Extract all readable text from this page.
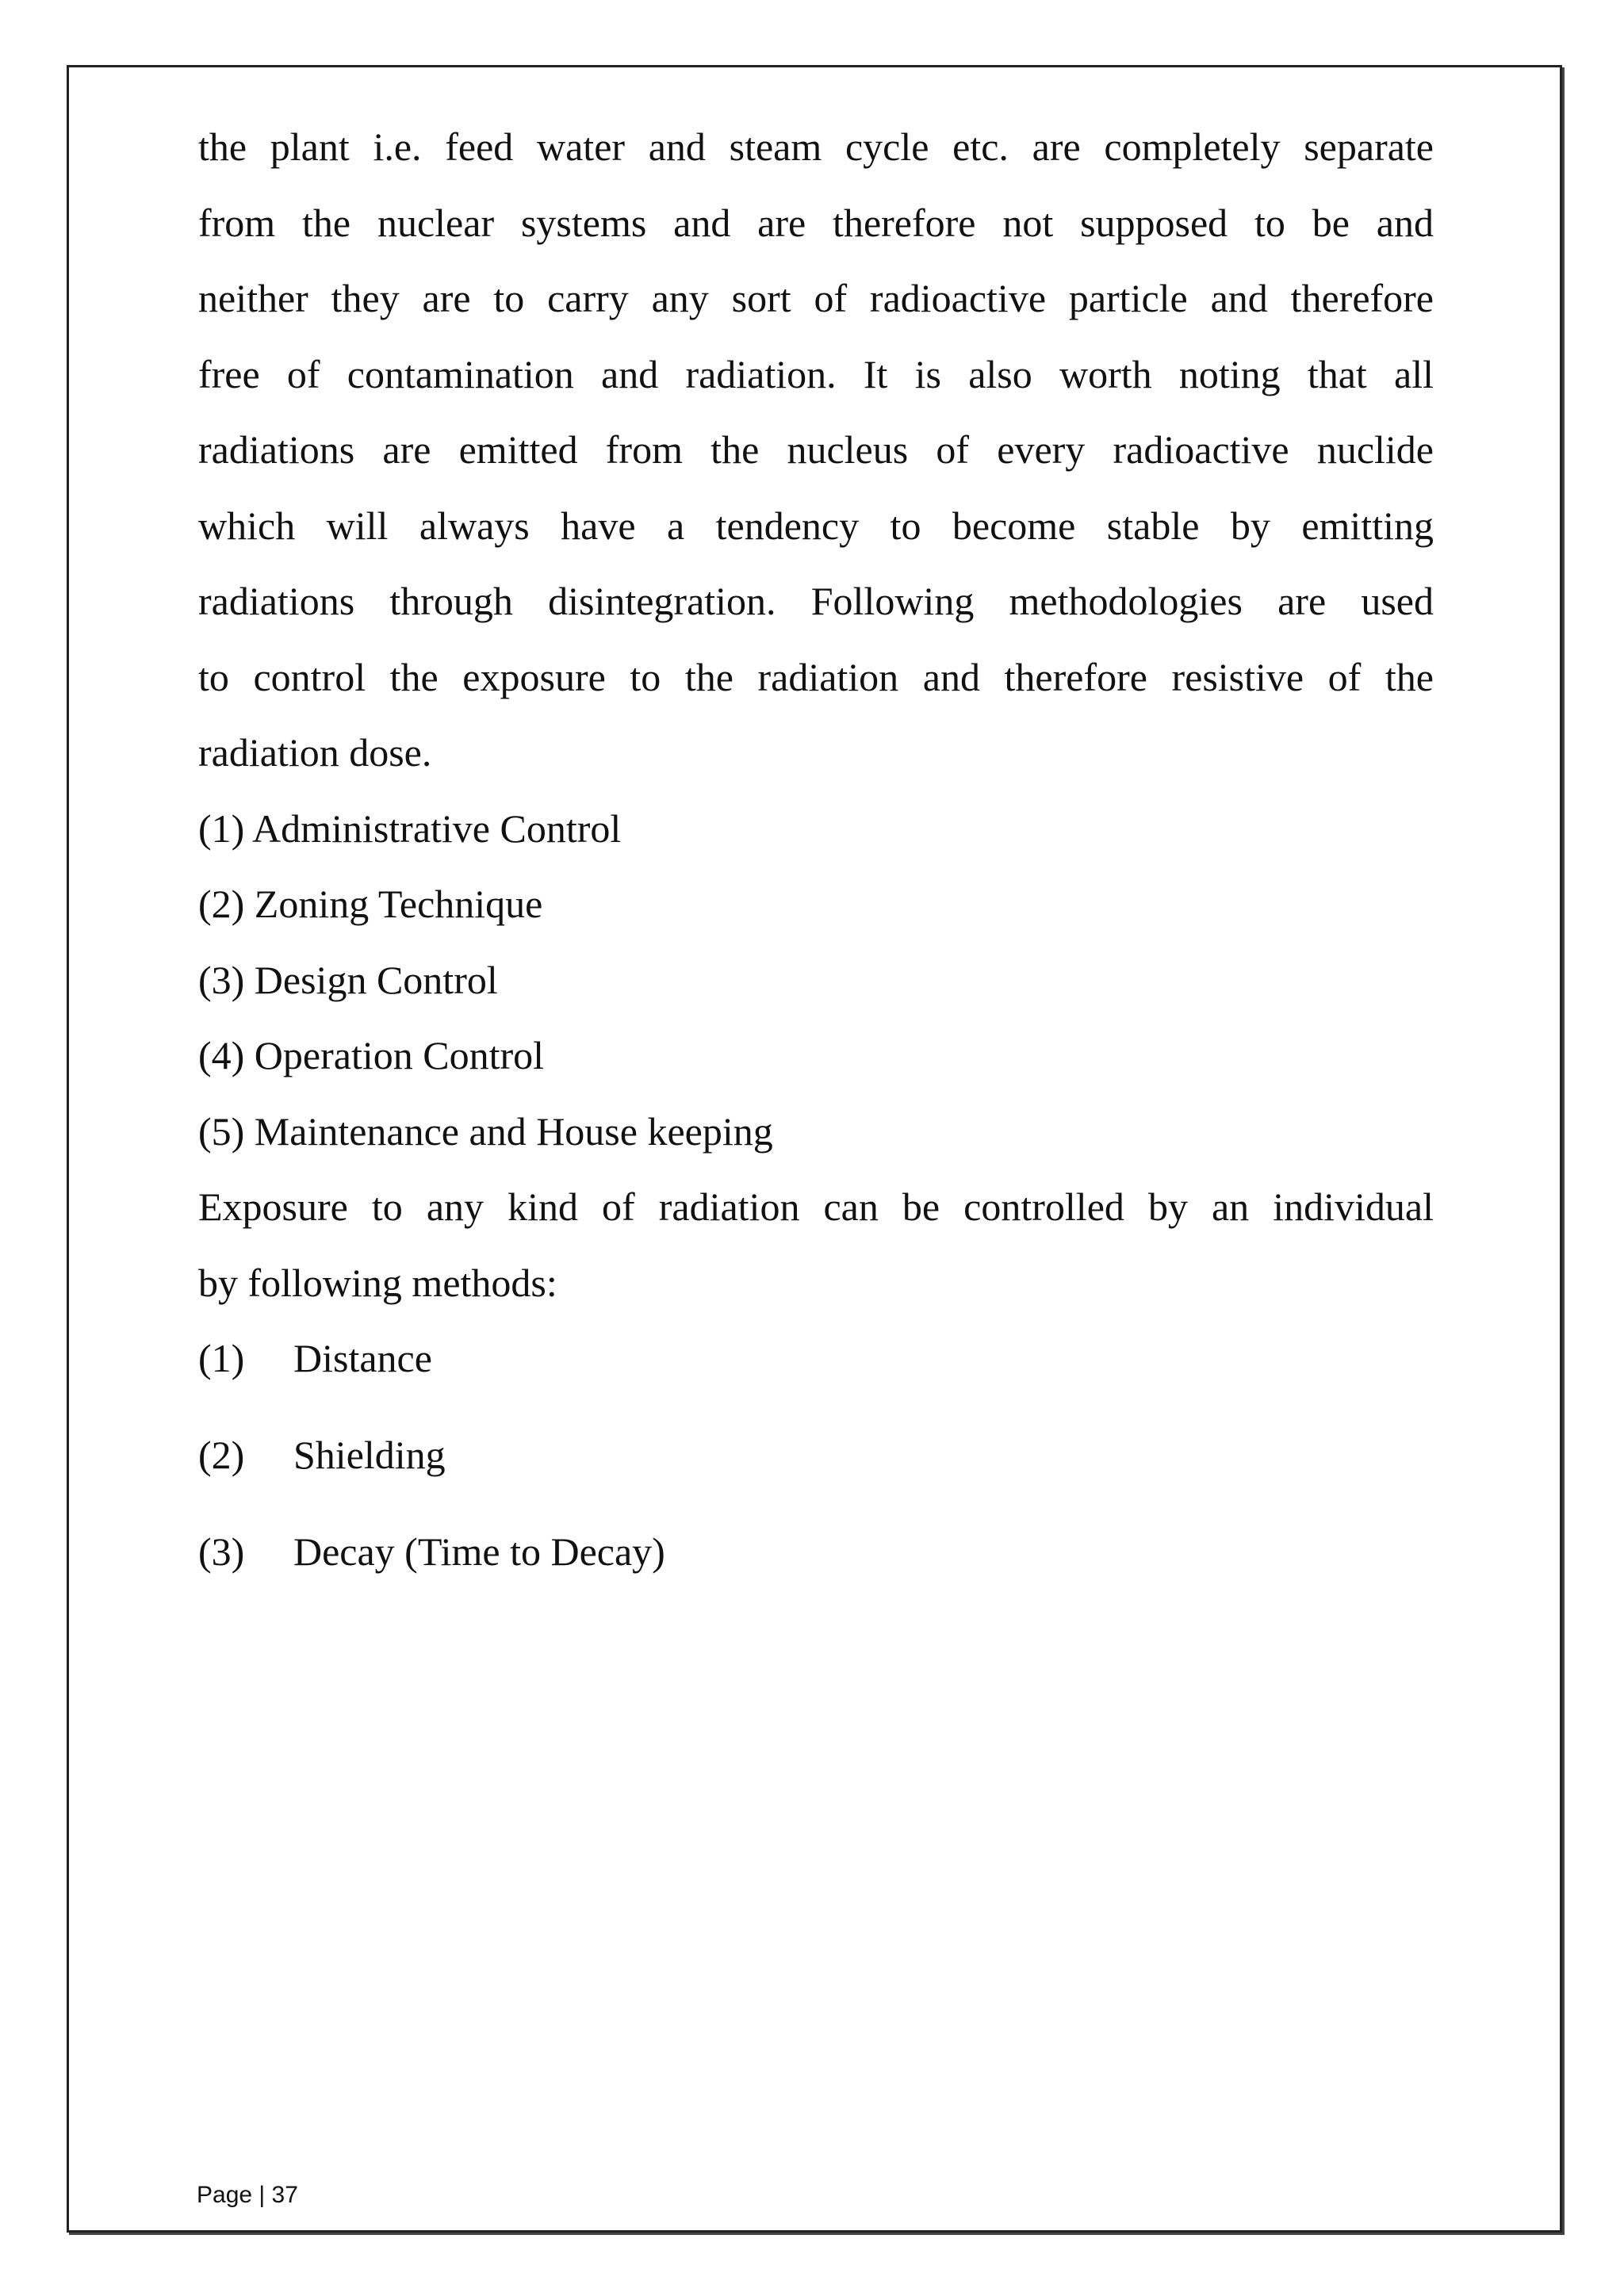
the plant i.e. feed water and steam cycle etc. are completely separate
from the nuclear systems and are therefore not supposed to be and
neither they are to carry any sort of radioactive particle and therefore
free of contamination and radiation. It is also worth noting that all
radiations are emitted from the nucleus of every radioactive nuclide
which will always have a tendency to become stable by emitting
radiations through disintegration. Following methodologies are used
to control the exposure to the radiation and therefore resistive of the
radiation dose.
(1) Administrative Control
(2) Zoning Technique
(3) Design Control
(4) Operation Control
(5) Maintenance and House keeping
Exposure to any kind of radiation can be controlled by an individual
by following methods:
(1)	Distance
(2)	Shielding
(3)	Decay (Time to Decay)
Page | 37
